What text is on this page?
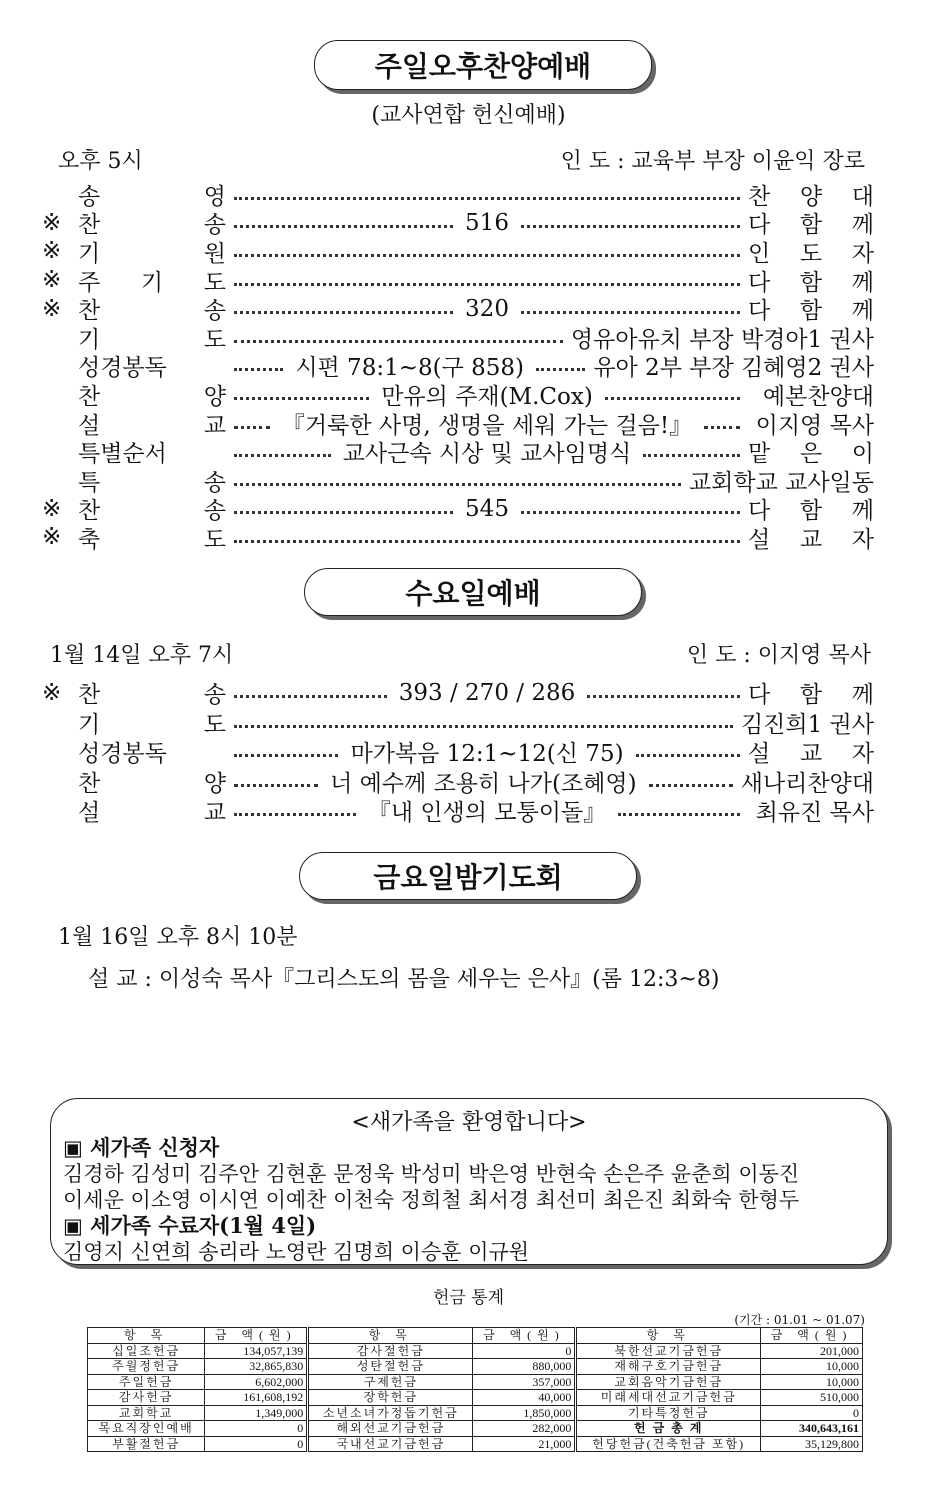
주일오후찬양예배
(교사연합 헌신예배)
오후 5시	인 도 : 교육부 부장 이윤익 장로
송	영	찬 양 대
※ 찬	송	516	다 함 께
※ 기	원	인 도 자
※ 주 기 도	다 함 께
※ 찬	송	320	다 함 께
기	도	영유아유치 부장 박경아1 권사
성경봉독	시편 78:1~8(구 858)	유아 2부 부장 김혜영2 권사
찬	양	만유의 주재(M.Cox)	예본찬양대
설	교 『거룩한 사명, 생명을 세워 가는 걸음!』	이지영 목사
특별순서	교사근속 시상 및 교사임명식	맡 은 이
특	송	교회학교 교사일동
※ 찬	송	545	다 함 께
※ 축	도	설 교 자
수요일예배
1월 14일 오후 7시	인 도 : 이지영 목사
※ 찬	송	393 / 270 / 286	다 함 께
기	도	김진희1 권사
성경봉독	마가복음 12:1~12(신 75)	설 교 자
찬	양	너 예수께 조용히 나가(조혜영)	새나리찬양대
설	교	『내 인생의 모퉁이돌』	최유진 목사
금요일밤기도회
1월 16일 오후 8시 10분
설 교 : 이성숙 목사『그리스도의 몸을 세우는 은사』(롬 12:3~8)
<새가족을 환영합니다>
▣ 세가족 신청자
김경하 김성미 김주안 김현훈 문정욱 박성미 박은영 반현숙 손은주 윤춘희 이동진
이세운 이소영 이시연 이예찬 이천숙 정희철 최서경 최선미 최은진 최화숙 한형두
▣ 세가족 수료자(1월 4일)
김영지 신연희 송리라 노영란 김명희 이승훈 이규원
헌금 통계
(기간 : 01.01 ~ 01.07)
항 목	금 액(원)	항 목	금 액(원)	항 목	금 액(원)
십일조헌금	134,057,139	감사절헌금	0	북한선교기금헌금	201,000
주월정헌금	32,865,830	성탄절헌금	880,000	재해구호기금헌금	10,000
주일헌금	6,602,000	구제헌금	357,000	교회음악기금헌금	10,000
감사헌금	161,608,192	장학헌금	40,000	미래세대선교기금헌금	510,000
교회학교	1,349,000	소년소녀가정돕기헌금	1,850,000	기타특정헌금	0
목요직장인예배	0	해외선교기금헌금	282,000	헌 금 총 계	340,643,161
부활절헌금	0	국내선교기금헌금	21,000	헌당헌금(건축헌금 포함)	35,129,800
